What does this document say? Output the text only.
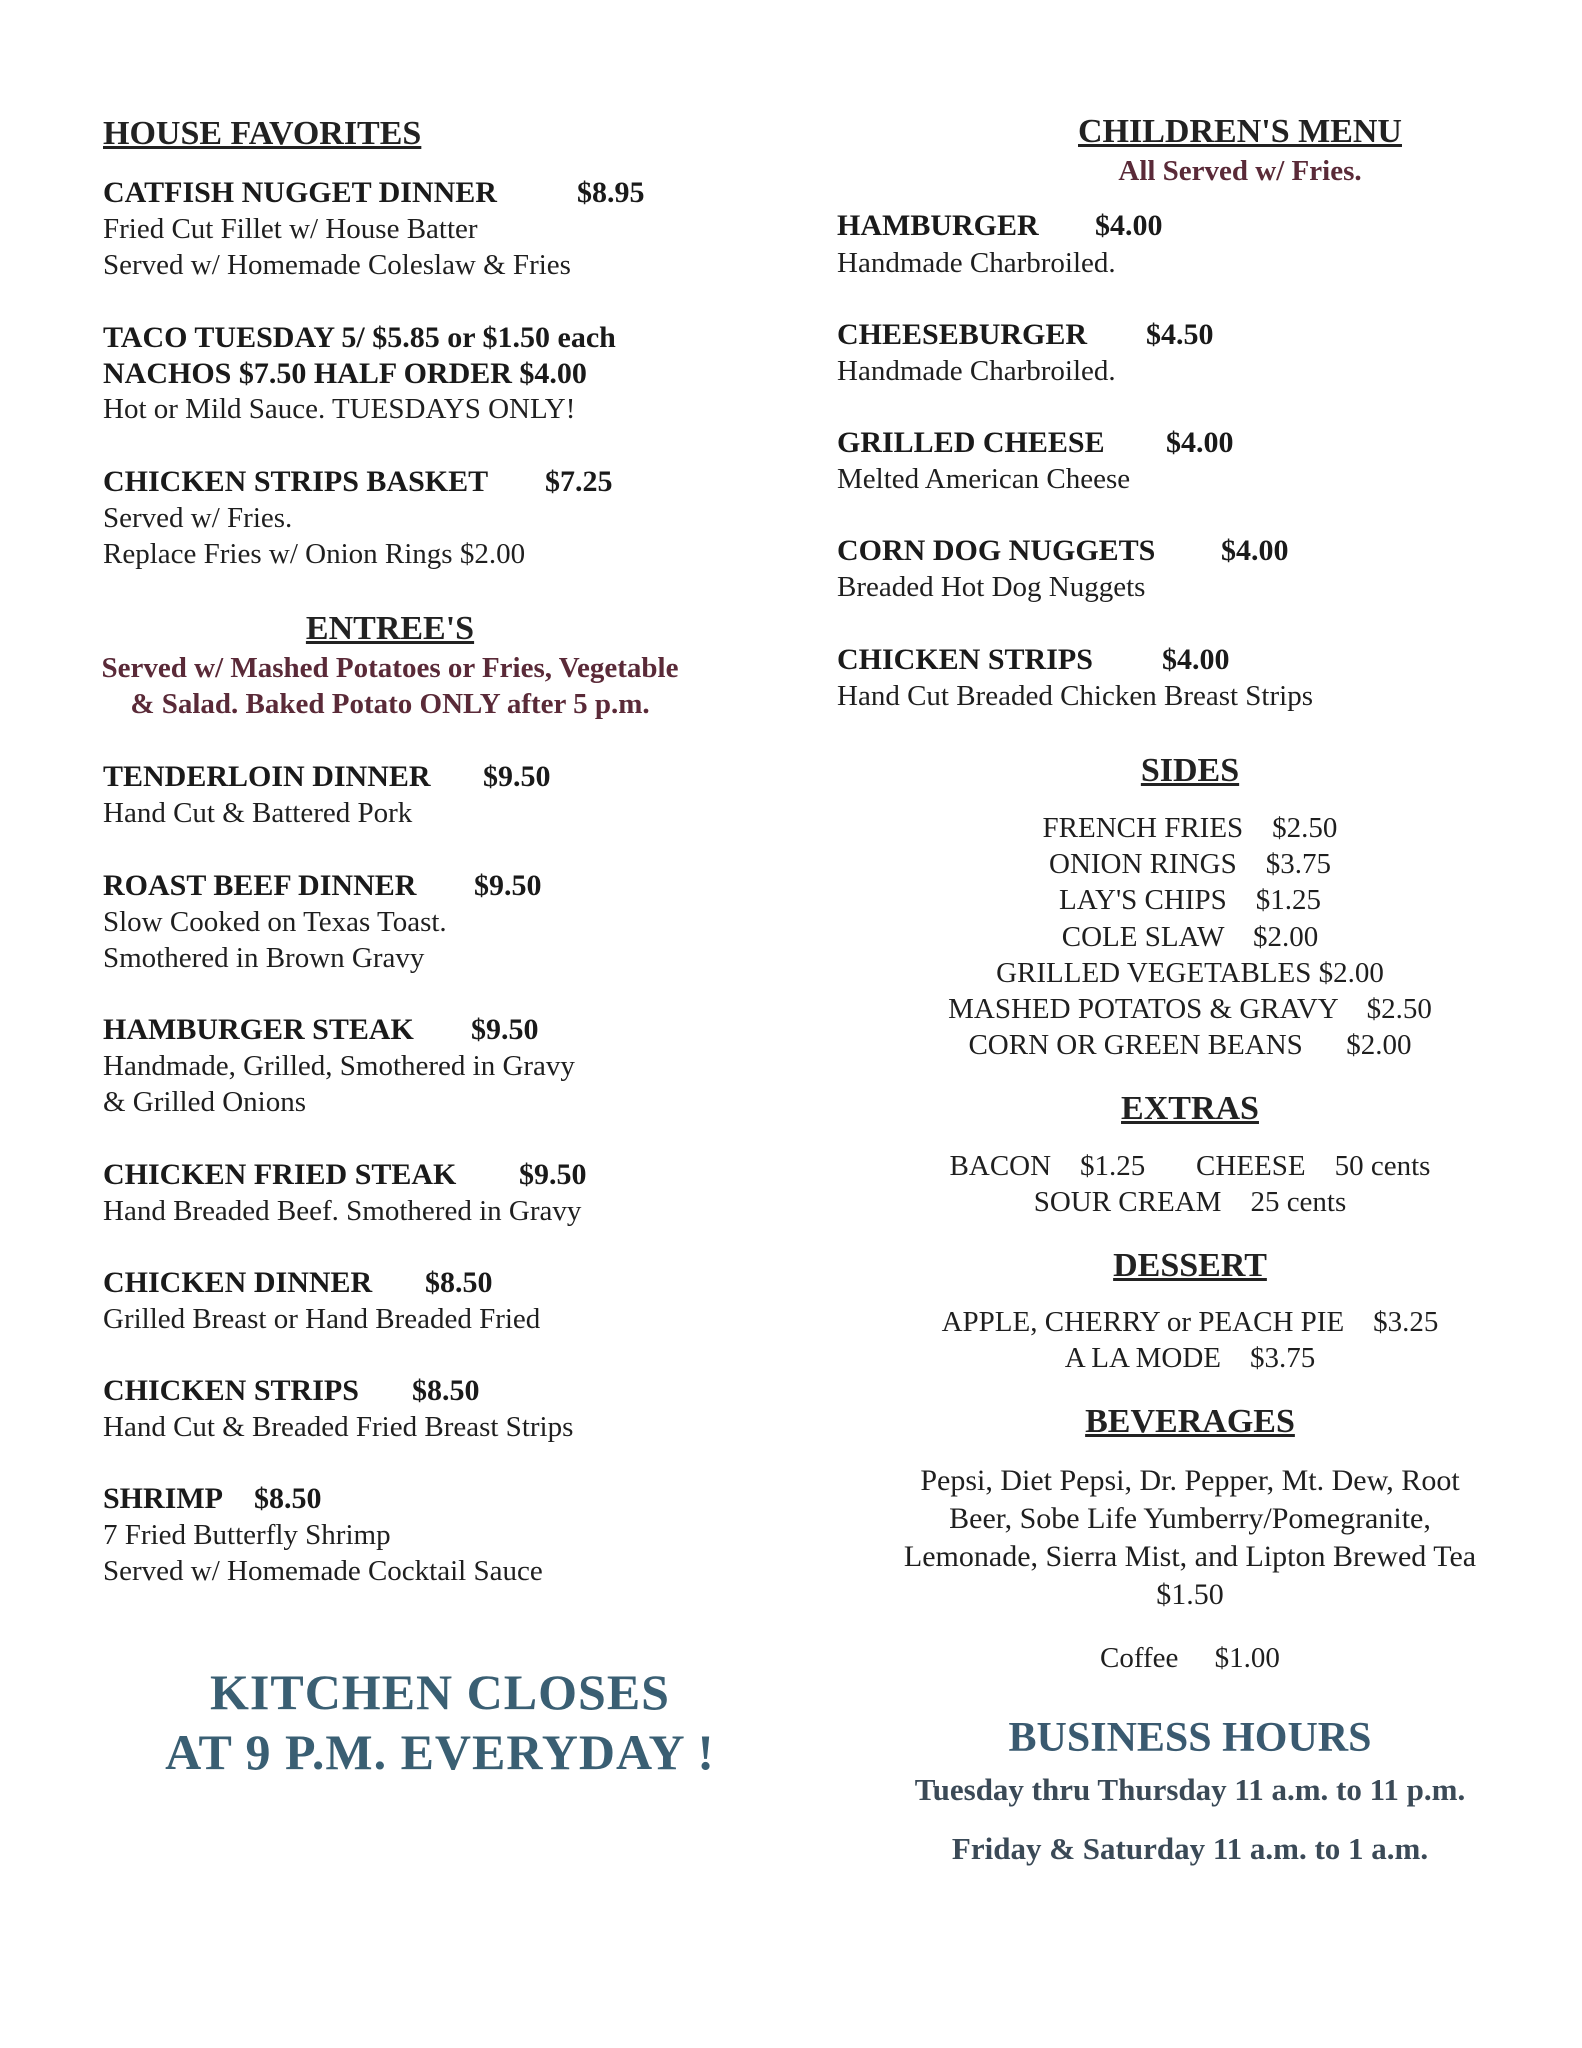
HOUSE FAVORITES
CATFISH NUGGET DINNER	$8.95
Fried Cut Fillet w/ House Batter
Served w/ Homemade Coleslaw & Fries
TACO TUESDAY 5/ $5.85 or $1.50 each
NACHOS $7.50 HALF ORDER $4.00
Hot or Mild Sauce. TUESDAYS ONLY!
CHICKEN STRIPS BASKET $7.25
Served w/ Fries.
Replace Fries w/ Onion Rings $2.00
ENTREE'S
Served w/ Mashed Potatoes or Fries, Vegetable
& Salad. Baked Potato ONLY after 5 p.m.
TENDERLOIN DINNER $9.50
Hand Cut & Battered Pork
ROAST BEEF DINNER $9.50
Slow Cooked on Texas Toast.
Smothered in Brown Gravy
HAMBURGER STEAK $9.50
Handmade, Grilled, Smothered in Gravy
& Grilled Onions
CHICKEN FRIED STEAK $9.50
Hand Breaded Beef. Smothered in Gravy
CHICKEN DINNER $8.50
Grilled Breast or Hand Breaded Fried
CHICKEN STRIPS $8.50
Hand Cut & Breaded Fried Breast Strips
SHRIMP $8.50
7 Fried Butterfly Shrimp
Served w/ Homemade Cocktail Sauce
KITCHEN CLOSES
AT 9 P.M. EVERYDAY !
CHILDREN'S MENU
All Served w/ Fries.
HAMBURGER $4.00
Handmade Charbroiled.
CHEESEBURGER $4.50
Handmade Charbroiled.
GRILLED CHEESE $4.00
Melted American Cheese
CORN DOG NUGGETS $4.00
Breaded Hot Dog Nuggets
CHICKEN STRIPS $4.00
Hand Cut Breaded Chicken Breast Strips
SIDES
FRENCH FRIES    $2.50
ONION RINGS    $3.75
LAY'S CHIPS    $1.25
COLE SLAW    $2.00
GRILLED VEGETABLES $2.00
MASHED POTATOS & GRAVY    $2.50
CORN OR GREEN BEANS      $2.00
EXTRAS
BACON    $1.25       CHEESE    50 cents
SOUR CREAM    25 cents
DESSERT
APPLE, CHERRY or PEACH PIE    $3.25
A LA MODE    $3.75
BEVERAGES
Pepsi, Diet Pepsi, Dr. Pepper, Mt. Dew, Root
Beer, Sobe Life Yumberry/Pomegranite,
Lemonade, Sierra Mist, and Lipton Brewed Tea
$1.50
Coffee     $1.00
BUSINESS HOURS
Tuesday thru Thursday 11 a.m. to 11 p.m.
Friday & Saturday 11 a.m. to 1 a.m.
